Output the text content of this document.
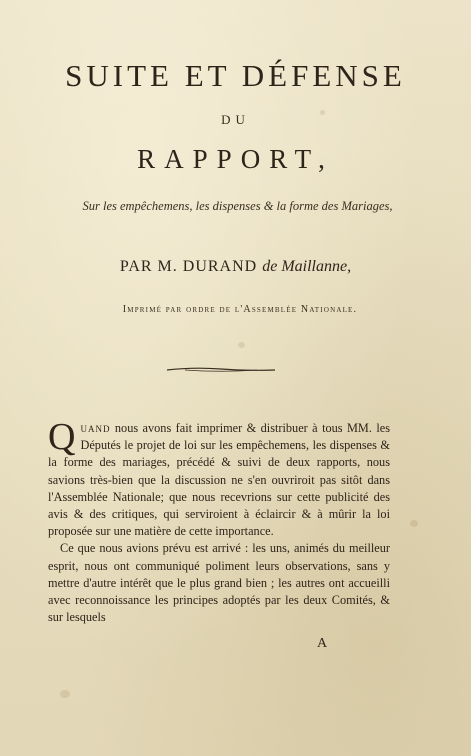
SUITE ET DÉFENSE
DU
RAPPORT,
Sur les empêchemens, les dispenses & la forme des Mariages,
PAR M. DURAND de Maillanne,
Imprimé par ordre de l'Assemblée Nationale.

Quand nous avons fait imprimer & distribuer à tous MM. les Députés le projet de loi sur les empêchemens, les dispenses & la forme des mariages, précédé & suivi de deux rapports, nous savions très-bien que la discussion ne s'en ouvriroit pas sitôt dans l'Assemblée Nationale; que nous recevrions sur cette publicité des avis & des critiques, qui serviroient à éclaircir & à mûrir la loi proposée sur une matière de cette importance.

Ce que nous avions prévu est arrivé : les uns, animés du meilleur esprit, nous ont communiqué poliment leurs observations, sans y mettre d'autre intérêt que le plus grand bien ; les autres ont accueilli avec reconnoissance les principes adoptés par les deux Comités, & sur lesquels

A
